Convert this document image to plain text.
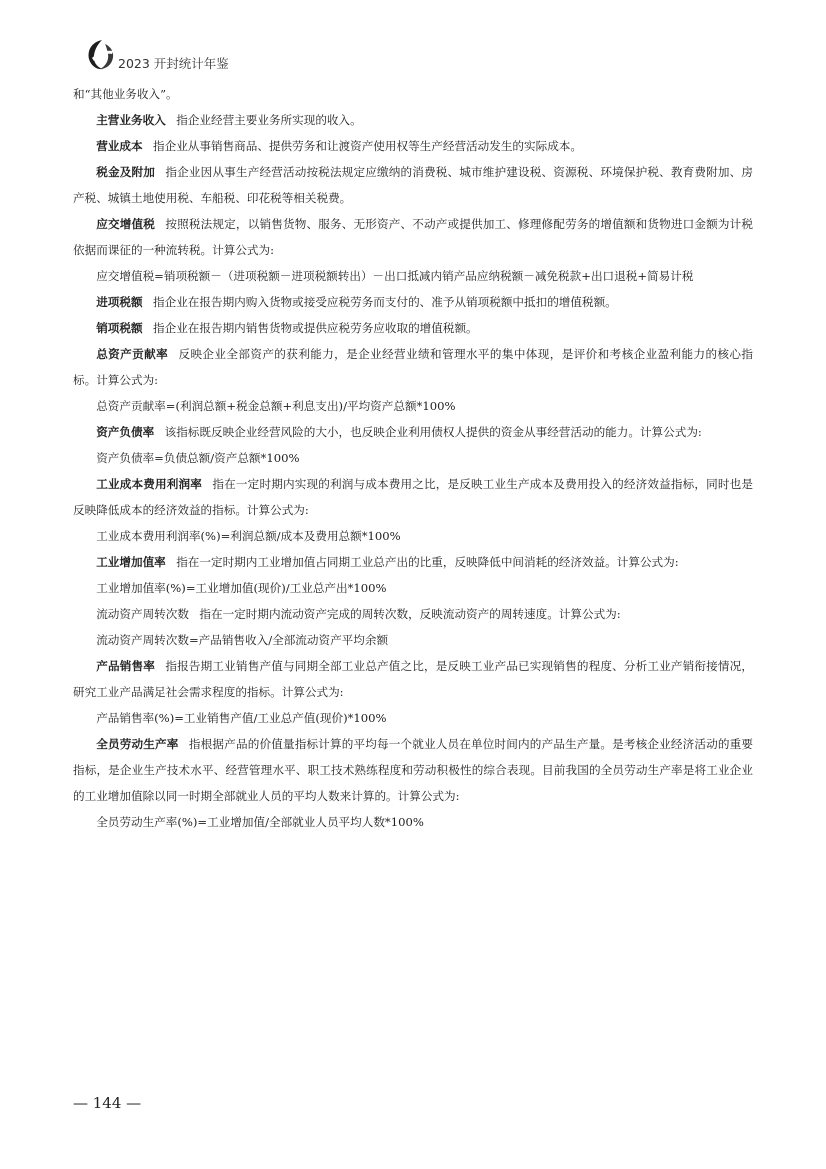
2023 开封统计年鉴

和“其他业务收入”。

主营业务收入 指企业经营主要业务所实现的收入。

营业成本 指企业从事销售商品、提供劳务和让渡资产使用权等生产经营活动发生的实际成本。

税金及附加 指企业因从事生产经营活动按税法规定应缴纳的消费税、城市维护建设税、资源税、环境保护税、教育费附加、房产税、城镇土地使用税、车船税、印花税等相关税费。

应交增值税 按照税法规定，以销售货物、服务、无形资产、不动产或提供加工、修理修配劳务的增值额和货物进口金额为计税依据而课征的一种流转税。计算公式为:

应交增值税=销项税额－（进项税额－进项税额转出）－出口抵减内销产品应纳税额－减免税款+出口退税+简易计税

进项税额 指企业在报告期内购入货物或接受应税劳务而支付的、准予从销项税额中抵扣的增值税额。

销项税额 指企业在报告期内销售货物或提供应税劳务应收取的增值税额。

总资产贡献率 反映企业全部资产的获利能力，是企业经营业绩和管理水平的集中体现，是评价和考核企业盈利能力的核心指标。计算公式为:

总资产贡献率=(利润总额+税金总额+利息支出)/平均资产总额*100%

资产负债率 该指标既反映企业经营风险的大小，也反映企业利用债权人提供的资金从事经营活动的能力。计算公式为:

资产负债率=负债总额/资产总额*100%

工业成本费用利润率 指在一定时期内实现的利润与成本费用之比，是反映工业生产成本及费用投入的经济效益指标，同时也是反映降低成本的经济效益的指标。计算公式为:

工业成本费用利润率(%)=利润总额/成本及费用总额*100%

工业增加值率 指在一定时期内工业增加值占同期工业总产出的比重，反映降低中间消耗的经济效益。计算公式为:

工业增加值率(%)=工业增加值(现价)/工业总产出*100%

流动资产周转次数 指在一定时期内流动资产完成的周转次数，反映流动资产的周转速度。计算公式为:

流动资产周转次数=产品销售收入/全部流动资产平均余额

产品销售率 指报告期工业销售产值与同期全部工业总产值之比，是反映工业产品已实现销售的程度、分析工业产销衔接情况，研究工业产品满足社会需求程度的指标。计算公式为:

产品销售率(%)=工业销售产值/工业总产值(现价)*100%

全员劳动生产率 指根据产品的价值量指标计算的平均每一个就业人员在单位时间内的产品生产量。是考核企业经济活动的重要指标，是企业生产技术水平、经营管理水平、职工技术熟练程度和劳动积极性的综合表现。目前我国的全员劳动生产率是将工业企业的工业增加值除以同一时期全部就业人员的平均人数来计算的。计算公式为:

全员劳动生产率(%)=工业增加值/全部就业人员平均人数*100%

— 144 —
